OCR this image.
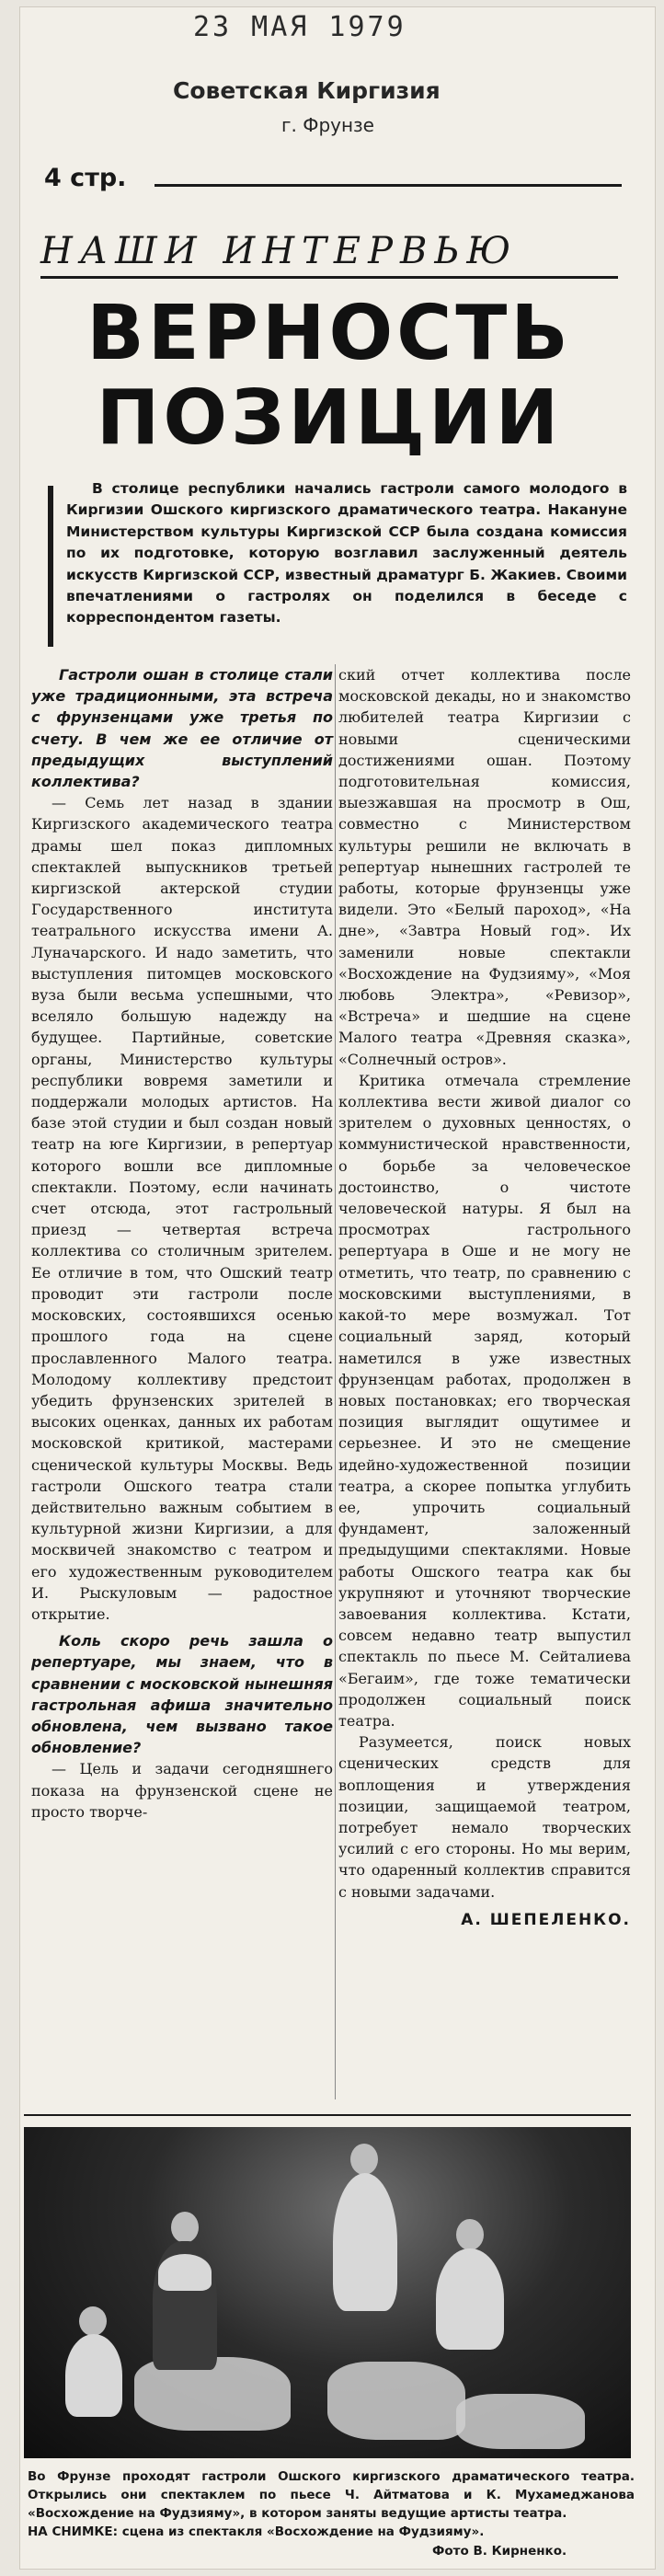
23 МАЯ 1979
Советская Киргизия
г. Фрунзе
4 стр.
НАШИ ИНТЕРВЬЮ
ВЕРНОСТЬ
ПОЗИЦИИ

В столице республики начались гастроли самого молодого в Киргизии Ошского киргизского драматического театра. Накануне Министерством культуры Киргизской ССР была создана комиссия по их подготовке, которую возглавил заслуженный деятель искусств Киргизской ССР, известный драматург Б. Жакиев. Своими впечатлениями о гастролях он поделился в беседе с корреспондентом газеты.

Гастроли ошан в столице стали уже традиционными, эта встреча с фрунзенцами уже третья по счету. В чем же ее отличие от предыдущих выступлений коллектива?

— Семь лет назад в здании Киргизского академического театра драмы шел показ дипломных спектаклей выпускников третьей киргизской актерской студии Государственного института театрального искусства имени А. Луначарского. И надо заметить, что выступления питомцев московского вуза были весьма успешными, что вселяло большую надежду на будущее. Партийные, советские органы, Министерство культуры республики вовремя заметили и поддержали молодых артистов. На базе этой студии и был создан новый театр на юге Киргизии, в репертуар которого вошли все дипломные спектакли. Поэтому, если начинать счет отсюда, этот гастрольный приезд — четвертая встреча коллектива со столичным зрителем. Ее отличие в том, что Ошский театр проводит эти гастроли после московских, состоявшихся осенью прошлого года на сцене прославленного Малого театра. Молодому коллективу предстоит убедить фрунзенских зрителей в высоких оценках, данных их работам московской критикой, мастерами сценической культуры Москвы. Ведь гастроли Ошского театра стали действительно важным событием в культурной жизни Киргизии, а для москвичей знакомство с театром и его художественным руководителем И. Рыскуловым — радостное открытие.

Коль скоро речь зашла о репертуаре, мы знаем, что в сравнении с московской нынешняя гастрольная афиша значительно обновлена, чем вызвано такое обновление?

— Цель и задачи сегодняшнего показа на фрунзенской сцене не просто творче-

ский отчет коллектива после московской декады, но и знакомство любителей театра Киргизии с новыми сценическими достижениями ошан. Поэтому подготовительная комиссия, выезжавшая на просмотр в Ош, совместно с Министерством культуры решили не включать в репертуар нынешних гастролей те работы, которые фрунзенцы уже видели. Это «Белый пароход», «На дне», «Завтра Новый год». Их заменили новые спектакли «Восхождение на Фудзияму», «Моя любовь Электра», «Ревизор», «Встреча» и шедшие на сцене Малого театра «Древняя сказка», «Солнечный остров».

Критика отмечала стремление коллектива вести живой диалог со зрителем о духовных ценностях, о коммунистической нравственности, о борьбе за человеческое достоинство, о чистоте человеческой натуры. Я был на просмотрах гастрольного репертуара в Оше и не могу не отметить, что театр, по сравнению с московскими выступлениями, в какой-то мере возмужал. Тот социальный заряд, который наметился в уже известных фрунзенцам работах, продолжен в новых постановках; его творческая позиция выглядит ощутимее и серьезнее. И это не смещение идейно-художественной позиции театра, а скорее попытка углубить ее, упрочить социальный фундамент, заложенный предыдущими спектаклями. Новые работы Ошского театра как бы укрупняют и уточняют творческие завоевания коллектива. Кстати, совсем недавно театр выпустил спектакль по пьесе М. Сейталиева «Бегаим», где тоже тематически продолжен социальный поиск театра.

Разумеется, поиск новых сценических средств для воплощения и утверждения позиции, защищаемой театром, потребует немало творческих усилий с его стороны. Но мы верим, что одаренный коллектив справится с новыми задачами.

А. ШЕПЕЛЕНКО.

Во Фрунзе проходят гастроли Ошского киргизского драматического театра. Открылись они спектаклем по пьесе Ч. Айтматова и К. Мухамеджанова «Восхождение на Фудзияму», в котором заняты ведущие артисты театра.
НА СНИМКЕ: сцена из спектакля «Восхождение на Фудзияму».

Фото В. Кирненко.
